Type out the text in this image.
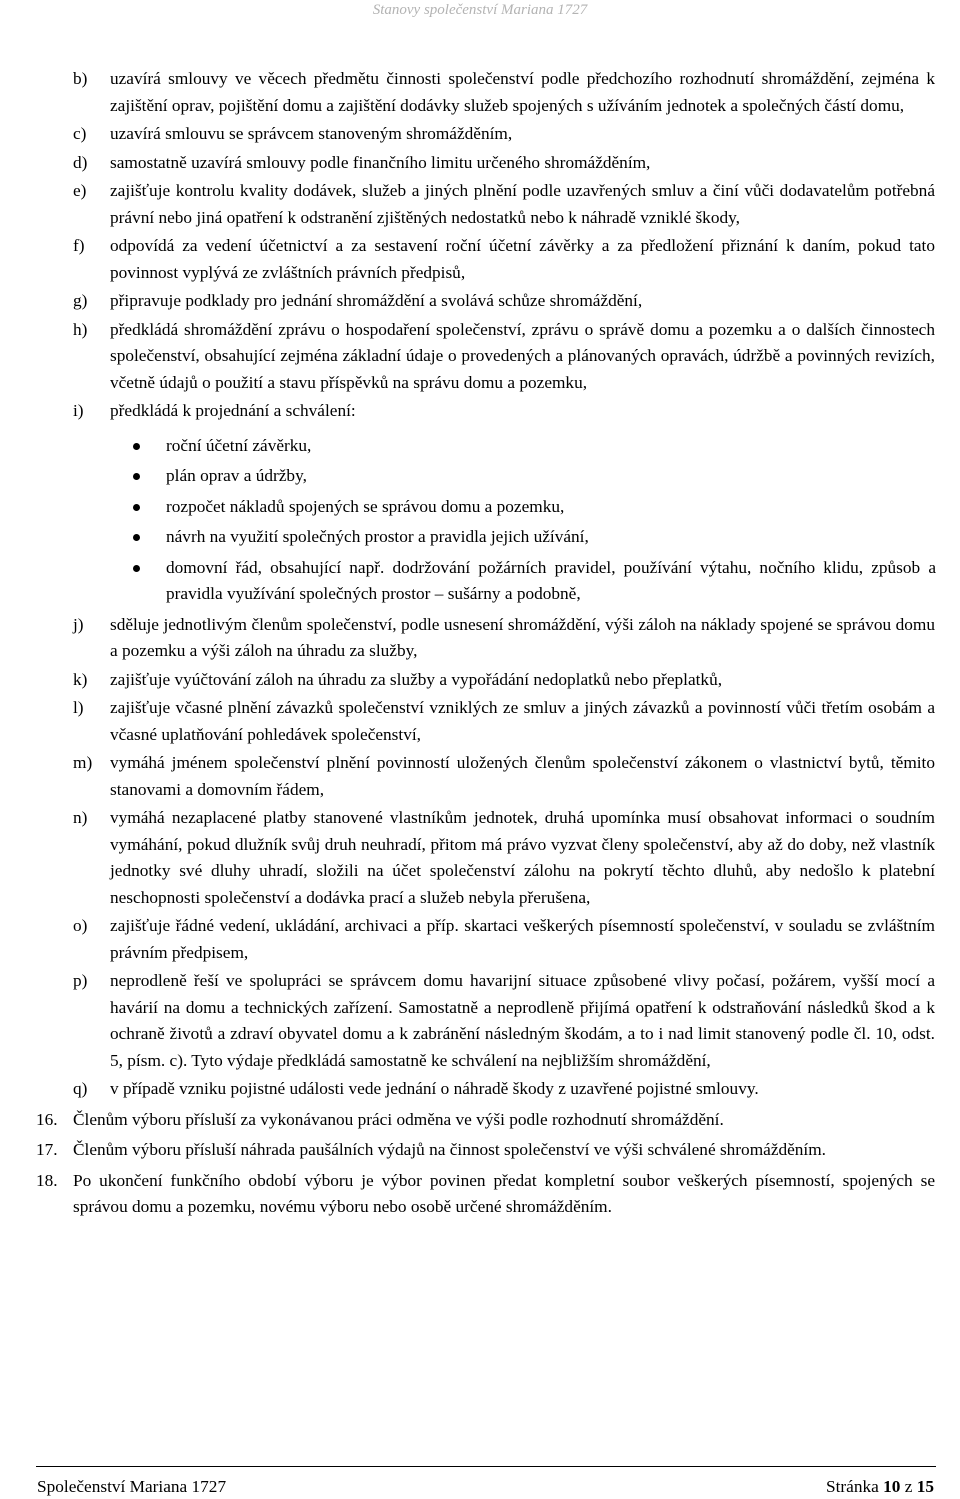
Stanovy společenství Mariana 1727
b) uzavírá smlouvy ve věcech předmětu činnosti společenství podle předchozího rozhodnutí shromáždění, zejména k zajištění oprav, pojištění domu a zajištění dodávky služeb spojených s užíváním jednotek a společných částí domu,
c) uzavírá smlouvu se správcem stanoveným shromážděním,
d) samostatně uzavírá smlouvy podle finančního limitu určeného shromážděním,
e) zajišťuje kontrolu kvality dodávek, služeb a jiných plnění podle uzavřených smluv a činí vůči dodavatelům potřebná právní nebo jiná opatření k odstranění zjištěných nedostatků nebo k náhradě vzniklé škody,
f) odpovídá za vedení účetnictví a za sestavení roční účetní závěrky a za předložení přiznání k daním, pokud tato povinnost vyplývá ze zvláštních právních předpisů,
g) připravuje podklady pro jednání shromáždění a svolává schůze shromáždění,
h) předkládá shromáždění zprávu o hospodaření společenství, zprávu o správě domu a pozemku a o dalších činnostech společenství, obsahující zejména základní údaje o provedených a plánovaných opravách, údržbě a povinných revizích, včetně údajů o použití a stavu příspěvků na správu domu a pozemku,
i) předkládá k projednání a schválení:
roční účetní závěrku,
plán oprav a údržby,
rozpočet nákladů spojených se správou domu a pozemku,
návrh na využití společných prostor a pravidla jejich užívání,
domovní řád, obsahující např. dodržování požárních pravidel, používání výtahu, nočního klidu, způsob a pravidla využívání společných prostor – sušárny a podobně,
j) sděluje jednotlivým členům společenství, podle usnesení shromáždění, výši záloh na náklady spojené se správou domu a pozemku a výši záloh na úhradu za služby,
k) zajišťuje vyúčtování záloh na úhradu za služby a vypořádání nedoplatků nebo přeplatků,
l) zajišťuje včasné plnění závazků společenství vzniklých ze smluv a jiných závazků a povinností vůči třetím osobám a včasné uplatňování pohledávek společenství,
m) vymáhá jménem společenství plnění povinností uložených členům společenství zákonem o vlastnictví bytů, těmito stanovami a domovním řádem,
n) vymáhá nezaplacené platby stanovené vlastníkům jednotek, druhá upomínka musí obsahovat informaci o soudním vymáhání, pokud dlužník svůj druh neuhradí, přitom má právo vyzvat členy společenství, aby až do doby, než vlastník jednotky své dluhy uhradí, složili na účet společenství zálohu na pokrytí těchto dluhů, aby nedošlo k platební neschopnosti společenství a dodávka prací a služeb nebyla přerušena,
o) zajišťuje řádné vedení, ukládání, archivaci a příp. skartaci veškerých písemností společenství, v souladu se zvláštním právním předpisem,
p) neprodleně řeší ve spolupráci se správcem domu havarijní situace způsobené vlivy počasí, požárem, vyšší mocí a havárií na domu a technických zařízení. Samostatně a neprodleně přijímá opatření k odstraňování následků škod a k ochraně životů a zdraví obyvatel domu a k zabránění následným škodám, a to i nad limit stanovený podle čl. 10, odst. 5, písm. c). Tyto výdaje předkládá samostatně ke schválení na nejbližším shromáždění,
q) v případě vzniku pojistné události vede jednání o náhradě škody z uzavřené pojistné smlouvy.
16. Členům výboru přísluší za vykonávanou práci odměna ve výši podle rozhodnutí shromáždění.
17. Členům výboru přísluší náhrada paušálních výdajů na činnost společenství ve výši schválené shromážděním.
18. Po ukončení funkčního období výboru je výbor povinen předat kompletní soubor veškerých písemností, spojených se správou domu a pozemku, novému výboru nebo osobě určené shromážděním.
Společenství Mariana 1727	Stránka 10 z 15
